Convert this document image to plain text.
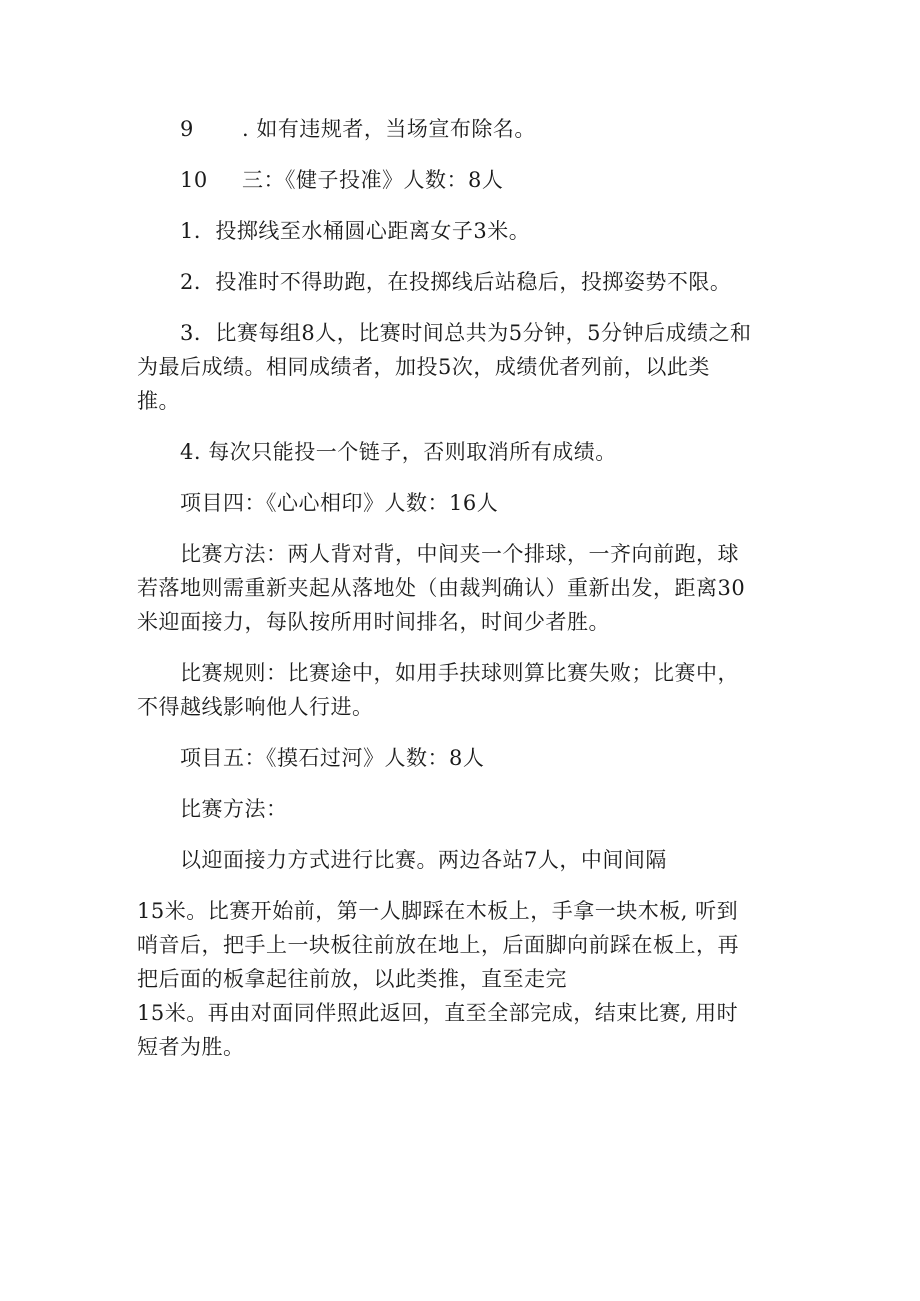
9 . 如有违规者，当场宣布除名。

10 三：《健子投准》人数：8人

1．投掷线至水桶圆心距离女子3米。

2．投准时不得助跑，在投掷线后站稳后，投掷姿势不限。

3．比赛每组8人，比赛时间总共为5分钟，5分钟后成绩之和

为最后成绩。相同成绩者，加投5次，成绩优者列前，以此类

推。

4. 每次只能投一个链子，否则取消所有成绩。

项目四：《心心相印》人数：16人

比赛方法：两人背对背，中间夹一个排球，一齐向前跑，球

若落地则需重新夹起从落地处（由裁判确认）重新出发，距离30

米迎面接力，每队按所用时间排名，时间少者胜。

比赛规则：比赛途中，如用手扶球则算比赛失败；比赛中，

不得越线影响他人行进。

项目五：《摸石过河》人数：8人

比赛方法：

以迎面接力方式进行比赛。两边各站7人，中间间隔

15米。比赛开始前，第一人脚踩在木板上，手拿一块木板, 听到

哨音后，把手上一块板往前放在地上，后面脚向前踩在板上，再

把后面的板拿起往前放，以此类推，直至走完

15米。再由对面同伴照此返回，直至全部完成，结束比赛, 用时

短者为胜。
